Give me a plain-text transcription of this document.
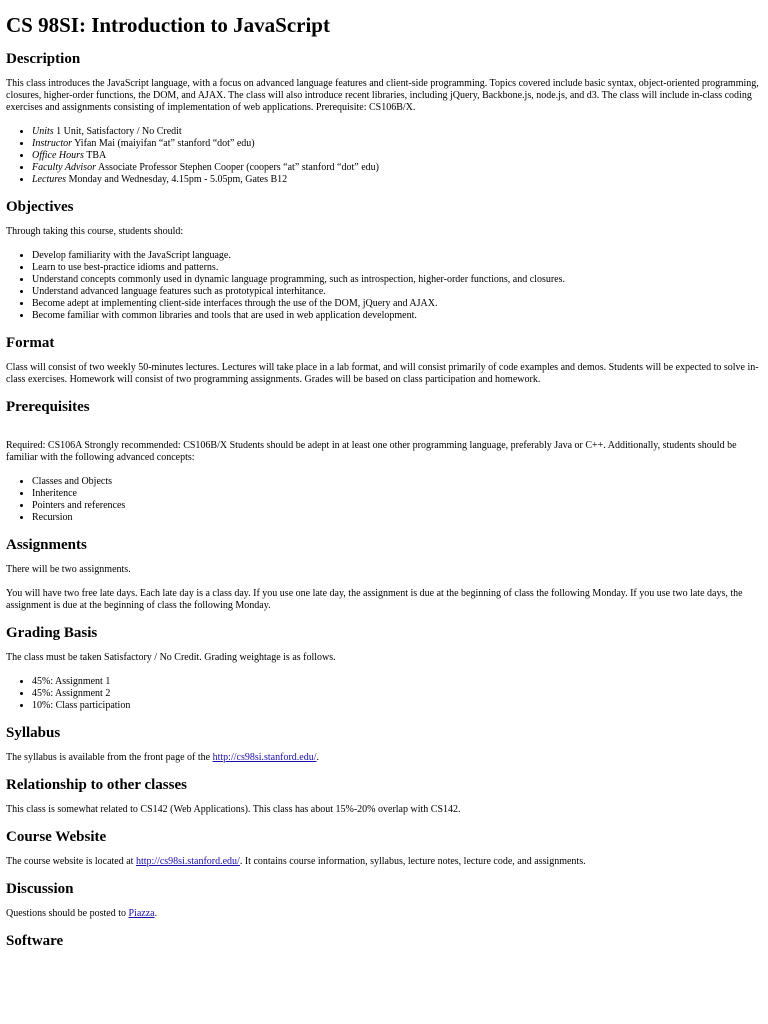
CS 98SI: Introduction to JavaScript
Description

This class introduces the JavaScript language, with a focus on advanced language features and client-side programming. Topics covered include basic syntax, object-oriented programming, closures, higher-order functions, the DOM, and AJAX. The class will also introduce recent libraries, including jQuery, Backbone.js, node.js, and d3. The class will include in-class coding exercises and assignments consisting of implementation of web applications. Prerequisite: CS106B/X.

• Units 1 Unit, Satisfactory / No Credit
• Instructor Yifan Mai (maiyifan “at” stanford “dot” edu)
• Office Hours TBA
• Faculty Advisor Associate Professor Stephen Cooper (coopers “at” stanford “dot” edu)
• Lectures Monday and Wednesday, 4.15pm - 5.05pm, Gates B12
Objectives

Through taking this course, students should:

• Develop familiarity with the JavaScript language.
• Learn to use best-practice idioms and patterns.
• Understand concepts commonly used in dynamic language programming, such as introspection, higher-order functions, and closures.
• Understand advanced language features such as prototypical interhitance.
• Become adept at implementing client-side interfaces through the use of the DOM, jQuery and AJAX.
• Become familiar with common libraries and tools that are used in web application development.
Format

Class will consist of two weekly 50-minutes lectures. Lectures will take place in a lab format, and will consist primarily of code examples and demos. Students will be expected to solve in-class exercises. Homework will consist of two programming assignments. Grades will be based on class participation and homework.

Prerequisites

Required: CS106A Strongly recommended: CS106B/X Students should be adept in at least one other programming language, preferably Java or C++. Additionally, students should be familiar with the following advanced concepts:

• Classes and Objects
• Inheritence
• Pointers and references
• Recursion
Assignments

There will be two assignments.

You will have two free late days. Each late day is a class day. If you use one late day, the assignment is due at the beginning of class the following Monday. If you use two late days, the assignment is due at the beginning of class the following Monday.

Grading Basis

The class must be taken Satisfactory / No Credit. Grading weightage is as follows.

• 45%: Assignment 1
• 45%: Assignment 2
• 10%: Class participation
Syllabus

The syllabus is available from the front page of the http://cs98si.stanford.edu/.

Relationship to other classes

This class is somewhat related to CS142 (Web Applications). This class has about 15%-20% overlap with CS142.

Course Website

The course website is located at http://cs98si.stanford.edu/. It contains course information, syllabus, lecture notes, lecture code, and assignments.

Discussion

Questions should be posted to Piazza.

Software
